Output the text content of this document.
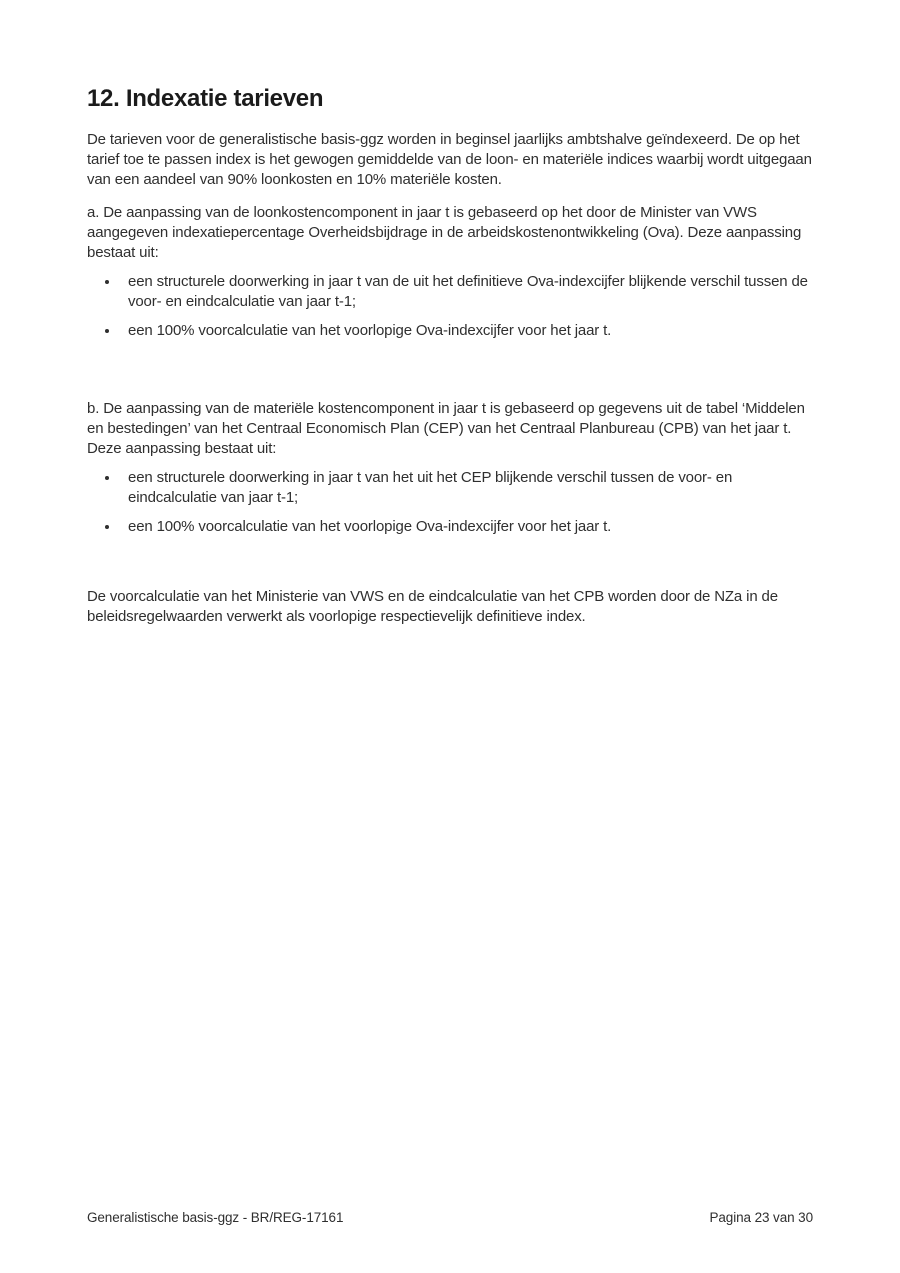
12. Indexatie tarieven

De tarieven voor de generalistische basis-ggz worden in beginsel jaarlijks ambtshalve geïndexeerd. De op het tarief toe te passen index is het gewogen gemiddelde van de loon- en materiële indices waarbij wordt uitgegaan van een aandeel van 90% loonkosten en 10% materiële kosten.

a. De aanpassing van de loonkostencomponent in jaar t is gebaseerd op het door de Minister van VWS aangegeven indexatiepercentage Overheidsbijdrage in de arbeidskostenontwikkeling (Ova). Deze aanpassing bestaat uit:

een structurele doorwerking in jaar t van de uit het definitieve Ova-indexcijfer blijkende verschil tussen de voor- en eindcalculatie van jaar t-1;
een 100% voorcalculatie van het voorlopige Ova-indexcijfer voor het jaar t.

b. De aanpassing van de materiële kostencomponent in jaar t is gebaseerd op gegevens uit de tabel ‘Middelen en bestedingen’ van het Centraal Economisch Plan (CEP) van het Centraal Planbureau (CPB) van het jaar t. Deze aanpassing bestaat uit:

een structurele doorwerking in jaar t van het uit het CEP blijkende verschil tussen de voor- en eindcalculatie van jaar t-1;
een 100% voorcalculatie van het voorlopige Ova-indexcijfer voor het jaar t.

De voorcalculatie van het Ministerie van VWS en de eindcalculatie van het CPB worden door de NZa in de beleidsregelwaarden verwerkt als voorlopige respectievelijk definitieve index.

Generalistische basis-ggz - BR/REG-17161	Pagina 23 van 30
